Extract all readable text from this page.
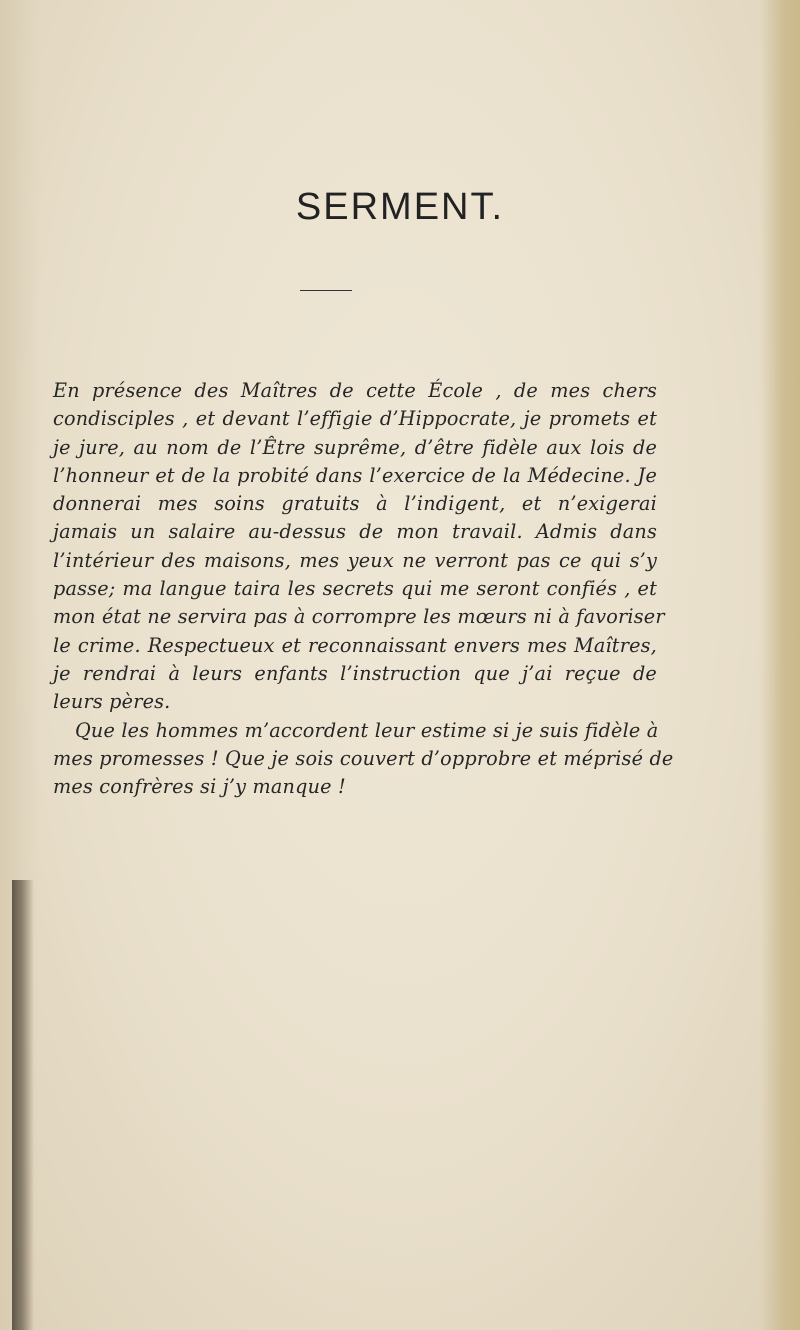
SERMENT.
En présence des Maîtres de cette École , de mes chers
condisciples , et devant l’effigie d’Hippocrate, je promets et
je jure, au nom de l’Être suprême, d’être fidèle aux lois de
l’honneur et de la probité dans l’exercice de la Médecine. Je
donnerai mes soins gratuits à l’indigent, et n’exigerai
jamais un salaire au-dessus de mon travail. Admis dans
l’intérieur des maisons, mes yeux ne verront pas ce qui s’y
passe; ma langue taira les secrets qui me seront confiés , et
mon état ne servira pas à corrompre les mœurs ni à favoriser
le crime. Respectueux et reconnaissant envers mes Maîtres,
je rendrai à leurs enfants l’instruction que j’ai reçue de
leurs pères.
Que les hommes m’accordent leur estime si je suis fidèle à
mes promesses ! Que je sois couvert d’opprobre et méprisé de
mes confrères si j’y manque !
